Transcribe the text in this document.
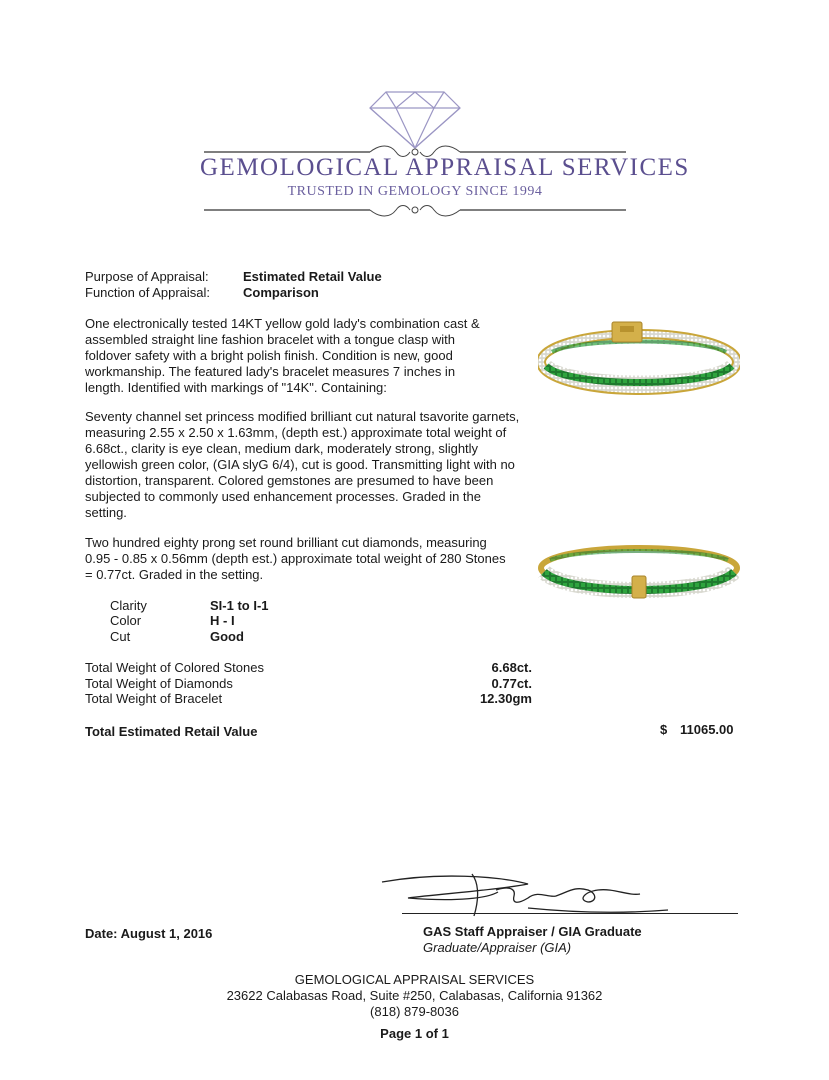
GEMOLOGICAL APPRAISAL SERVICES
TRUSTED IN GEMOLOGY SINCE 1994
Purpose of Appraisal:	Estimated Retail Value
Function of Appraisal:	Comparison
One electronically tested 14KT yellow gold lady's combination cast & assembled straight line fashion bracelet with a tongue clasp with foldover safety with a bright polish finish. Condition is new, good workmanship. The featured lady's bracelet measures 7 inches in length. Identified with markings of "14K". Containing:
Seventy channel set princess modified brilliant cut natural tsavorite garnets, measuring 2.55 x 2.50 x 1.63mm, (depth est.) approximate total weight of 6.68ct., clarity is eye clean, medium dark, moderately strong, slightly yellowish green color, (GIA slyG 6/4), cut is good. Transmitting light with no distortion, transparent. Colored gemstones are presumed to have been subjected to commonly used enhancement processes. Graded in the setting.
Two hundred eighty prong set round brilliant cut diamonds, measuring 0.95 - 0.85 x 0.56mm (depth est.) approximate total weight of 280 Stones = 0.77ct. Graded in the setting.
Clarity	SI-1 to I-1
Color	H - I
Cut	Good
Total Weight of Colored Stones	6.68ct.
Total Weight of Diamonds	0.77ct.
Total Weight of Bracelet	12.30gm
Total Estimated Retail Value	$ 11065.00
Date: August 1, 2016	GAS Staff Appraiser / GIA Graduate
Graduate/Appraiser (GIA)
GEMOLOGICAL APPRAISAL SERVICES
23622 Calabasas Road, Suite #250, Calabasas, California 91362
(818) 879-8036
Page 1 of 1
